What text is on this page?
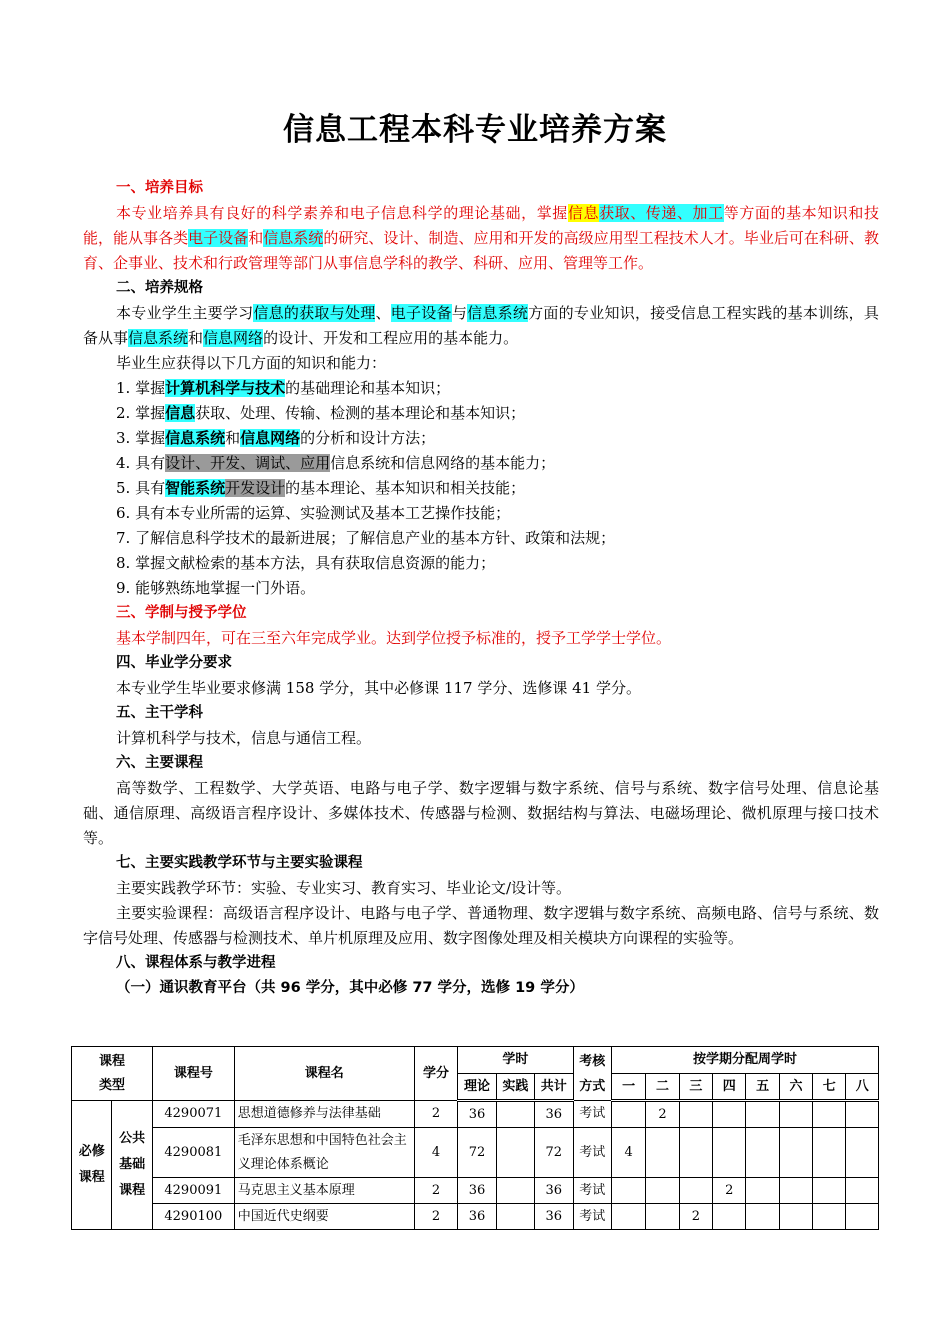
信息工程本科专业培养方案

一、培养目标

本专业培养具有良好的科学素养和电子信息科学的理论基础，掌握信息获取、传递、加工等方面的基本知识和技能，能从事各类电子设备和信息系统的研究、设计、制造、应用和开发的高级应用型工程技术人才。毕业后可在科研、教育、企事业、技术和行政管理等部门从事信息学科的教学、科研、应用、管理等工作。

二、培养规格

本专业学生主要学习信息的获取与处理、电子设备与信息系统方面的专业知识，接受信息工程实践的基本训练，具备从事信息系统和信息网络的设计、开发和工程应用的基本能力。

毕业生应获得以下几方面的知识和能力：

1. 掌握计算机科学与技术的基础理论和基本知识；

2. 掌握信息获取、处理、传输、检测的基本理论和基本知识；

3. 掌握信息系统和信息网络的分析和设计方法；

4. 具有设计、开发、调试、应用信息系统和信息网络的基本能力；

5. 具有智能系统开发设计的基本理论、基本知识和相关技能；

6. 具有本专业所需的运算、实验测试及基本工艺操作技能；

7. 了解信息科学技术的最新进展；了解信息产业的基本方针、政策和法规；

8. 掌握文献检索的基本方法，具有获取信息资源的能力；

9. 能够熟练地掌握一门外语。

三、学制与授予学位

基本学制四年，可在三至六年完成学业。达到学位授予标准的，授予工学学士学位。

四、毕业学分要求

本专业学生毕业要求修满 158 学分，其中必修课 117 学分、选修课 41 学分。

五、主干学科

计算机科学与技术，信息与通信工程。

六、主要课程

高等数学、工程数学、大学英语、电路与电子学、数字逻辑与数字系统、信号与系统、数字信号处理、信息论基础、通信原理、高级语言程序设计、多媒体技术、传感器与检测、数据结构与算法、电磁场理论、微机原理与接口技术等。

七、主要实践教学环节与主要实验课程

主要实践教学环节：实验、专业实习、教育实习、毕业论文/设计等。

主要实验课程：高级语言程序设计、电路与电子学、普通物理、数字逻辑与数字系统、高频电路、信号与系统、数字信号处理、传感器与检测技术、单片机原理及应用、数字图像处理及相关模块方向课程的实验等。

八、课程体系与教学进程

（一）通识教育平台（共 96 学分，其中必修 77 学分，选修 19 学分）

课程类型		课程号	课程名	学分	学时			考核方式	按学期分配周学时							
					理论	实践	共计		一	二	三	四	五	六	七	八
必修课程	公共基础课程	4290071	思想道德修养与法律基础	2	36		36	考试		2						
		4290081	毛泽东思想和中国特色社会主义理论体系概论	4	72		72	考试	4							
		4290091	马克思主义基本原理	2	36		36	考试				2				
		4290100	中国近代史纲要	2	36		36	考试			2					
